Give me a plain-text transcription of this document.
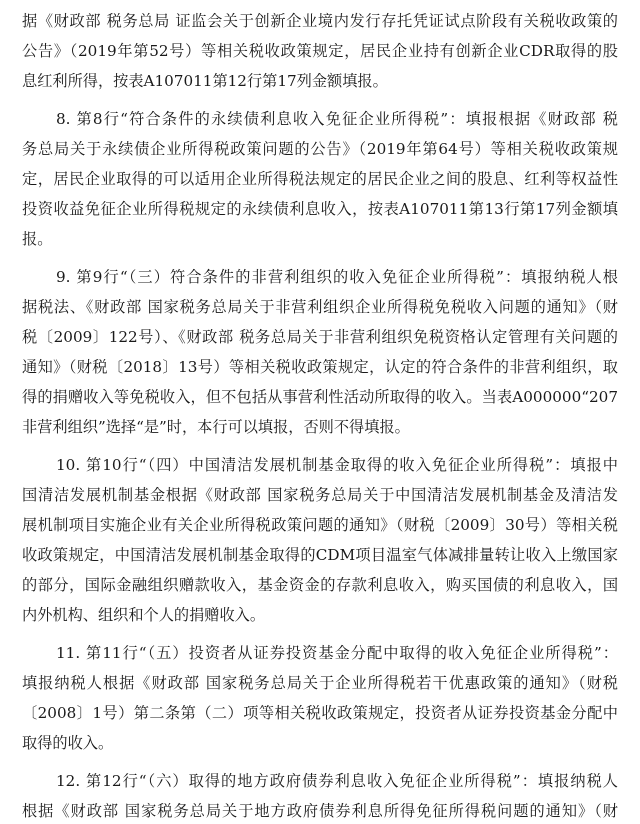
据《财政部 税务总局 证监会关于创新企业境内发行存托凭证试点阶段有关税收政策的
公告》（2019年第52号）等相关税收政策规定，居民企业持有创新企业CDR取得的股
息红利所得，按表A107011第12行第17列金额填报。
8. 第8行“符合条件的永续债利息收入免征企业所得税”：填报根据《财政部 税
务总局关于永续债企业所得税政策问题的公告》（2019年第64号）等相关税收政策规
定，居民企业取得的可以适用企业所得税法规定的居民企业之间的股息、红利等权益性
投资收益免征企业所得税规定的永续债利息收入，按表A107011第13行第17列金额填
报。
9. 第9行“（三）符合条件的非营利组织的收入免征企业所得税”：填报纳税人根
据税法、《财政部 国家税务总局关于非营利组织企业所得税免税收入问题的通知》（财
税〔2009〕122号）、《财政部 税务总局关于非营利组织免税资格认定管理有关问题的
通知》（财税〔2018〕13号）等相关税收政策规定，认定的符合条件的非营利组织，取
得的捐赠收入等免税收入，但不包括从事营利性活动所取得的收入。当表A000000“207
非营利组织”选择“是”时，本行可以填报，否则不得填报。
10. 第10行“（四）中国清洁发展机制基金取得的收入免征企业所得税”：填报中
国清洁发展机制基金根据《财政部 国家税务总局关于中国清洁发展机制基金及清洁发
展机制项目实施企业有关企业所得税政策问题的通知》（财税〔2009〕30号）等相关税
收政策规定，中国清洁发展机制基金取得的CDM项目温室气体减排量转让收入上缴国家
的部分，国际金融组织赠款收入，基金资金的存款利息收入，购买国债的利息收入，国
内外机构、组织和个人的捐赠收入。
11. 第11行“（五）投资者从证券投资基金分配中取得的收入免征企业所得税”：
填报纳税人根据《财政部 国家税务总局关于企业所得税若干优惠政策的通知》（财税
〔2008〕1号）第二条第（二）项等相关税收政策规定，投资者从证券投资基金分配中
取得的收入。
12. 第12行“（六）取得的地方政府债券利息收入免征企业所得税”：填报纳税人
根据《财政部 国家税务总局关于地方政府债券利息所得免征所得税问题的通知》（财
